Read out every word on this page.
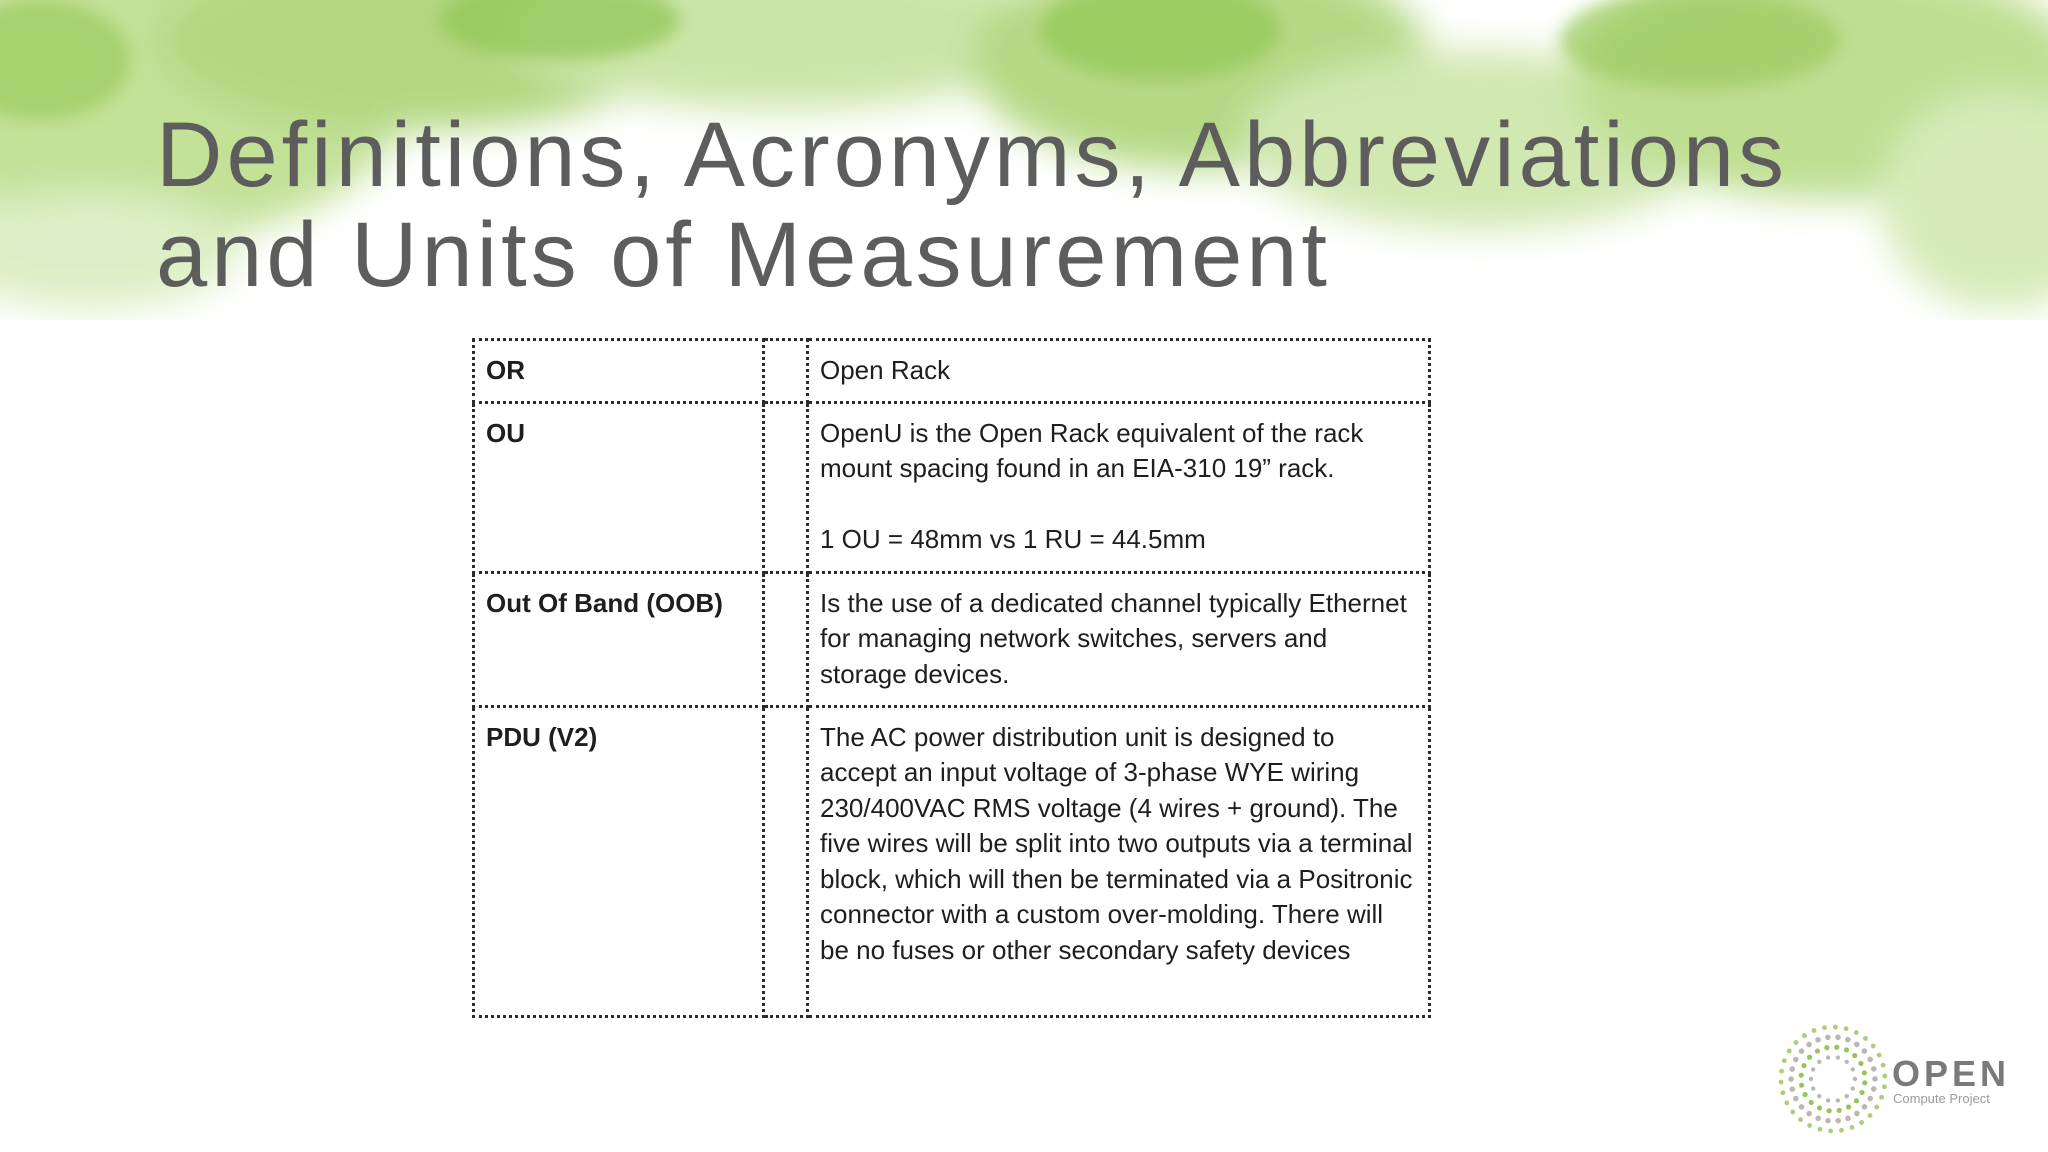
Definitions, Acronyms, Abbreviations
and Units of Measurement
OR		Open Rack

OU		OpenU is the Open Rack equivalent of the rack mount spacing found in an EIA-310 19” rack.

1 OU = 48mm vs 1 RU = 44.5mm

Out Of Band (OOB)		Is the use of a dedicated channel typically Ethernet for managing network switches, servers and storage devices.

PDU (V2)		The AC power distribution unit is designed to accept an input voltage of 3-phase WYE wiring 230/400VAC RMS voltage (4 wires + ground). The five wires will be split into two outputs via a terminal block, which will then be terminated via a Positronic connector with a custom over-molding. There will be no fuses or other secondary safety devices

OPEN
Compute Project
